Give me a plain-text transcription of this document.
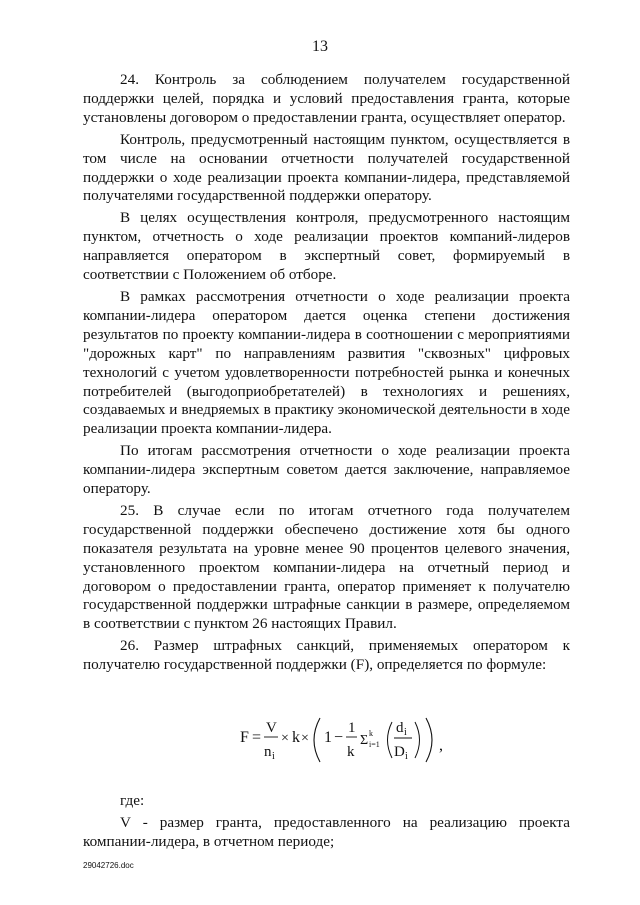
13

24. Контроль за соблюдением получателем государственной поддержки целей, порядка и условий предоставления гранта, которые установлены договором о предоставлении гранта, осуществляет оператор.

Контроль, предусмотренный настоящим пунктом, осуществляется в том числе на основании отчетности получателей государственной поддержки о ходе реализации проекта компании-лидера, представляемой получателями государственной поддержки оператору.

В целях осуществления контроля, предусмотренного настоящим пунктом, отчетность о ходе реализации проектов компаний-лидеров направляется оператором в экспертный совет, формируемый в соответствии с Положением об отборе.

В рамках рассмотрения отчетности о ходе реализации проекта компании-лидера оператором дается оценка степени достижения результатов по проекту компании-лидера в соотношении с мероприятиями "дорожных карт" по направлениям развития "сквозных" цифровых технологий с учетом удовлетворенности потребностей рынка и конечных потребителей (выгодоприобретателей) в технологиях и решениях, создаваемых и внедряемых в практику экономической деятельности в ходе реализации проекта компании-лидера.

По итогам рассмотрения отчетности о ходе реализации проекта компании-лидера экспертным советом дается заключение, направляемое оператору.

25. В случае если по итогам отчетного года получателем государственной поддержки обеспечено достижение хотя бы одного показателя результата на уровне менее 90 процентов целевого значения, установленного проектом компании-лидера на отчетный период и договором о предоставлении гранта, оператор применяет к получателю государственной поддержки штрафные санкции в размере, определяемом в соответствии с пунктом 26 настоящих Правил.

26. Размер штрафных санкций, применяемых оператором к получателю государственной поддержки (F), определяется по формуле:

F =
V
n i
× k × 1 −
1
k
Σ k
i=1
d i
D i
,

где:

V - размер гранта, предоставленного на реализацию проекта компании-лидера, в отчетном периоде;

29042726.doc
